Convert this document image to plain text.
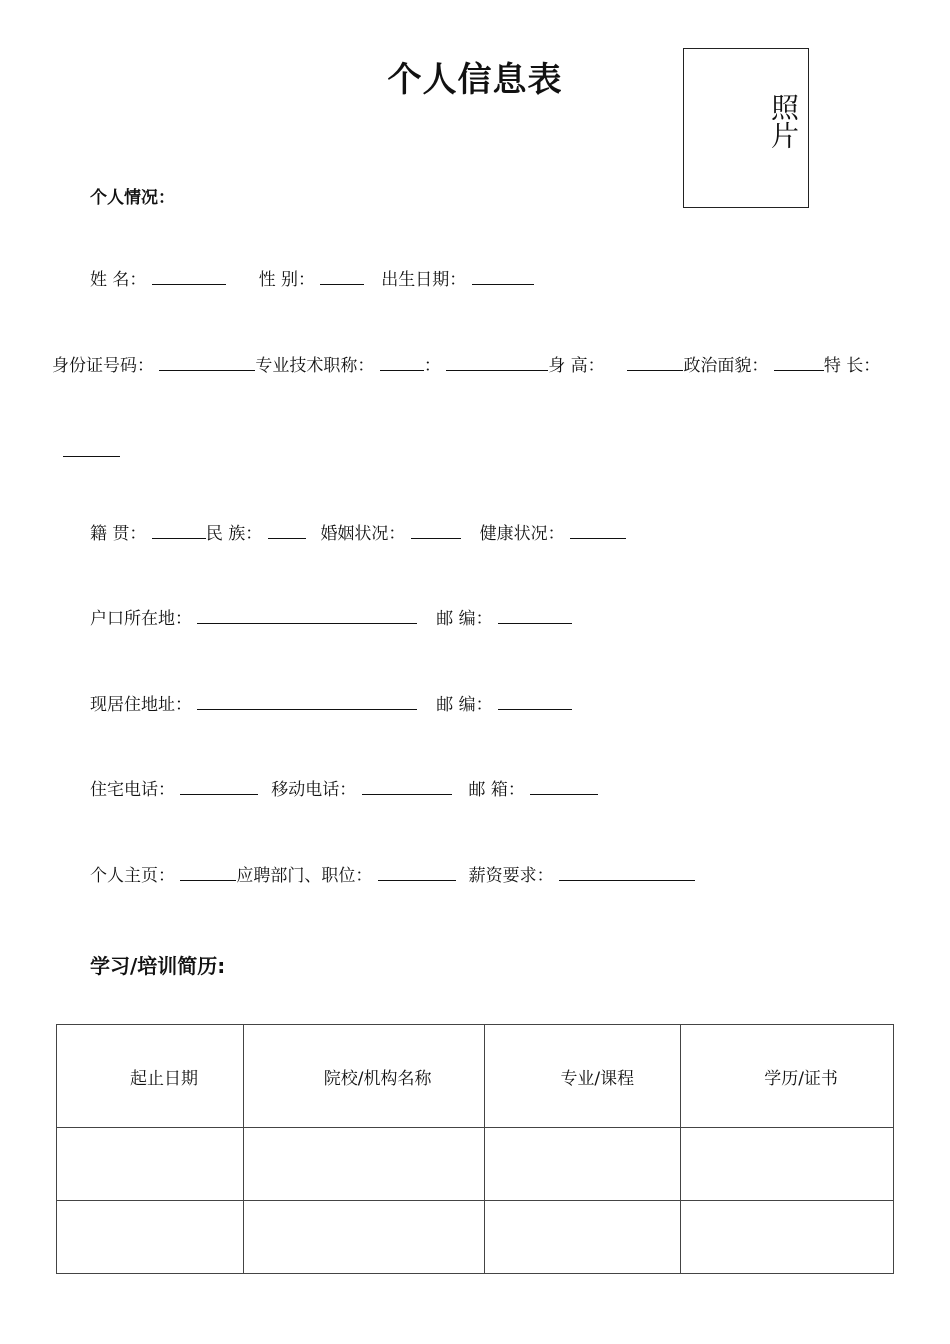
个人信息表
照片
个人情况：
姓 名：	性 别：	出生日期：
身份证号码：	专业技术职称：	：	身 高：	政治面貌：	特 长：
籍 贯：	民 族：	婚姻状况：	健康状况：
户口所在地：	邮 编：
现居住地址：	邮 编：
住宅电话：	移动电话：	邮 箱：
个人主页：	应聘部门、职位：	薪资要求：
学习/培训简历:
起止日期	院校/机构名称	专业/课程	学历/证书
